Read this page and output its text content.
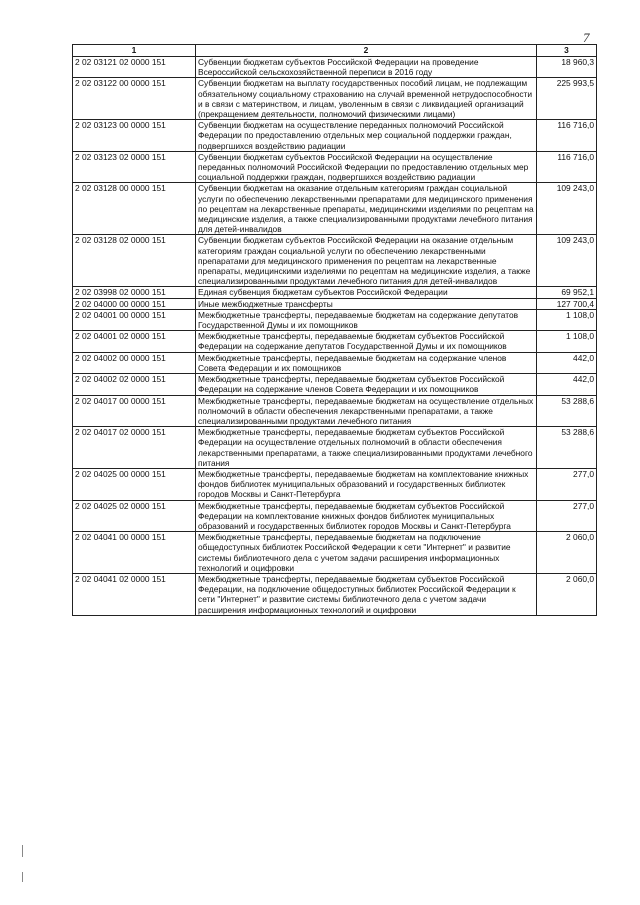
7
1	2	3
2 02 03121 02 0000 151	Субвенции бюджетам субъектов Российской Федерации на проведение Всероссийской сельскохозяйственной переписи в 2016 году	18 960,3
2 02 03122 00 0000 151	Субвенции бюджетам на выплату государственных пособий лицам, не подлежащим обязательному социальному страхованию на случай временной нетрудоспособности и в связи с материнством, и лицам, уволенным в связи с ликвидацией организаций (прекращением деятельности, полномочий физическими лицами)	225 993,5
2 02 03123 00 0000 151	Субвенции бюджетам на осуществление переданных полномочий Российской Федерации по предоставлению отдельных мер социальной поддержки граждан, подвергшихся воздействию радиации	116 716,0
2 02 03123 02 0000 151	Субвенции бюджетам субъектов Российской Федерации на осуществление переданных полномочий Российской Федерации по предоставлению отдельных мер социальной поддержки граждан, подвергшихся воздействию радиации	116 716,0
2 02 03128 00 0000 151	Субвенции бюджетам на оказание отдельным категориям граждан социальной услуги по обеспечению лекарственными препаратами для медицинского применения по рецептам на лекарственные препараты, медицинскими изделиями по рецептам на медицинские изделия, а также специализированными продуктами лечебного питания для детей-инвалидов	109 243,0
2 02 03128 02 0000 151	Субвенции бюджетам субъектов Российской Федерации на оказание отдельным категориям граждан социальной услуги по обеспечению лекарственными препаратами для медицинского применения по рецептам на лекарственные препараты, медицинскими изделиями по рецептам на медицинские изделия, а также специализированными продуктами лечебного питания для детей-инвалидов	109 243,0
2 02 03998 02 0000 151	Единая субвенция бюджетам субъектов Российской Федерации	69 952,1
2 02 04000 00 0000 151	Иные межбюджетные трансферты	127 700,4
2 02 04001 00 0000 151	Межбюджетные трансферты, передаваемые бюджетам на содержание депутатов Государственной Думы и их помощников	1 108,0
2 02 04001 02 0000 151	Межбюджетные трансферты, передаваемые бюджетам субъектов Российской Федерации на содержание депутатов Государственной Думы и их помощников	1 108,0
2 02 04002 00 0000 151	Межбюджетные трансферты, передаваемые бюджетам на содержание членов Совета Федерации и их помощников	442,0
2 02 04002 02 0000 151	Межбюджетные трансферты, передаваемые бюджетам субъектов Российской Федерации на содержание членов Совета Федерации и их помощников	442,0
2 02 04017 00 0000 151	Межбюджетные трансферты, передаваемые бюджетам на осуществление отдельных полномочий в области обеспечения лекарственными препаратами, а также специализированными продуктами лечебного питания	53 288,6
2 02 04017 02 0000 151	Межбюджетные трансферты, передаваемые бюджетам субъектов Российской Федерации на осуществление отдельных полномочий в области обеспечения лекарственными препаратами, а также специализированными продуктами лечебного питания	53 288,6
2 02 04025 00 0000 151	Межбюджетные трансферты, передаваемые бюджетам на комплектование книжных фондов библиотек муниципальных образований и государственных библиотек городов Москвы и Санкт-Петербурга	277,0
2 02 04025 02 0000 151	Межбюджетные трансферты, передаваемые бюджетам субъектов Российской Федерации на комплектование книжных фондов библиотек муниципальных образований и государственных библиотек городов Москвы и Санкт-Петербурга	277,0
2 02 04041 00 0000 151	Межбюджетные трансферты, передаваемые бюджетам на подключение общедоступных библиотек Российской Федерации к сети "Интернет" и развитие системы библиотечного дела с учетом задачи расширения информационных технологий и оцифровки	2 060,0
2 02 04041 02 0000 151	Межбюджетные трансферты, передаваемые бюджетам субъектов Российской Федерации, на подключение общедоступных библиотек Российской Федерации к сети "Интернет" и развитие системы библиотечного дела с учетом задачи расширения информационных технологий и оцифровки	2 060,0
